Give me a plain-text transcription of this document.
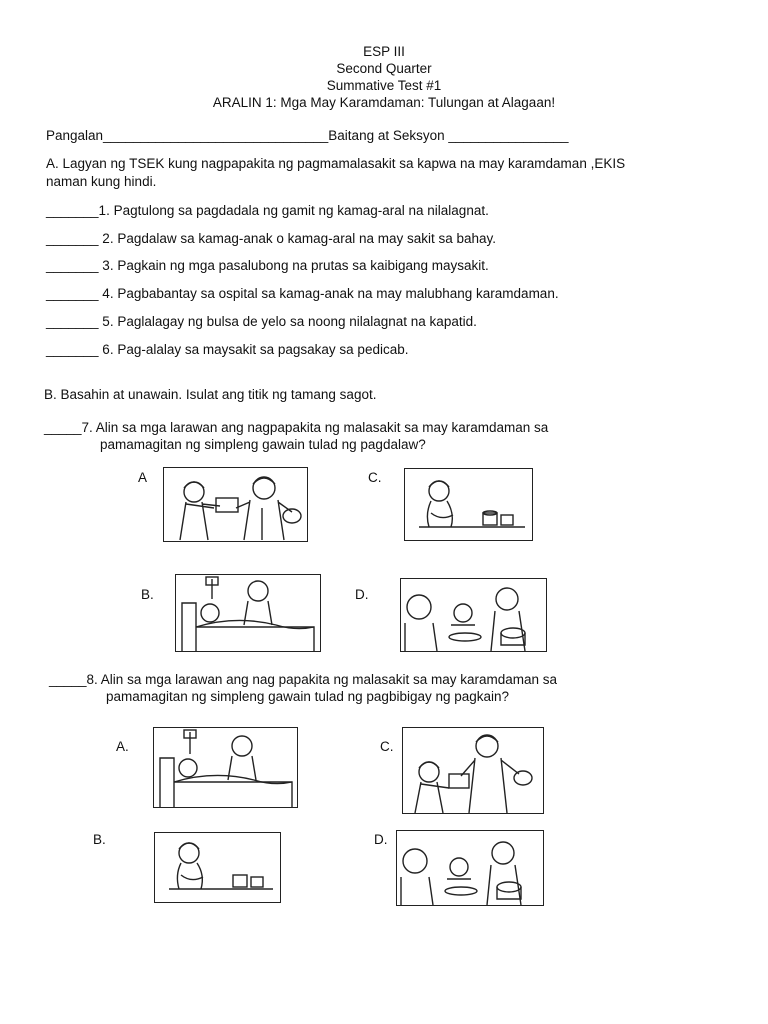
ESP III
Second Quarter
Summative Test #1
ARALIN 1: Mga May Karamdaman: Tulungan at Alagaan!
Pangalan______________________________Baitang at Seksyon ________________
A. Lagyan ng TSEK kung nagpapakita ng pagmamalasakit sa kapwa na may karamdaman ,EKIS
naman kung hindi.
_______1. Pagtulong sa pagdadala ng gamit ng kamag-aral na nilalagnat.
_______ 2. Pagdalaw sa kamag-anak o kamag-aral na may sakit sa bahay.
_______ 3. Pagkain ng mga pasalubong na prutas sa kaibigang maysakit.
_______ 4. Pagbabantay sa ospital sa kamag-anak na may malubhang karamdaman.
_______ 5. Paglalagay ng bulsa de yelo sa noong nilalagnat na kapatid.
_______ 6. Pag-alalay sa maysakit sa pagsakay sa pedicab.
B. Basahin at unawain. Isulat ang titik ng tamang sagot.
_____7. Alin sa mga larawan ang nagpapakita ng malasakit sa may karamdaman sa
pamamagitan ng simpleng gawain tulad ng pagdalaw?
A	C.
B.	D.
_____8. Alin sa mga larawan ang nag papakita ng malasakit sa may karamdaman sa
pamamagitan ng simpleng gawain tulad ng pagbibigay ng pagkain?
A.	C.
B.	D.
